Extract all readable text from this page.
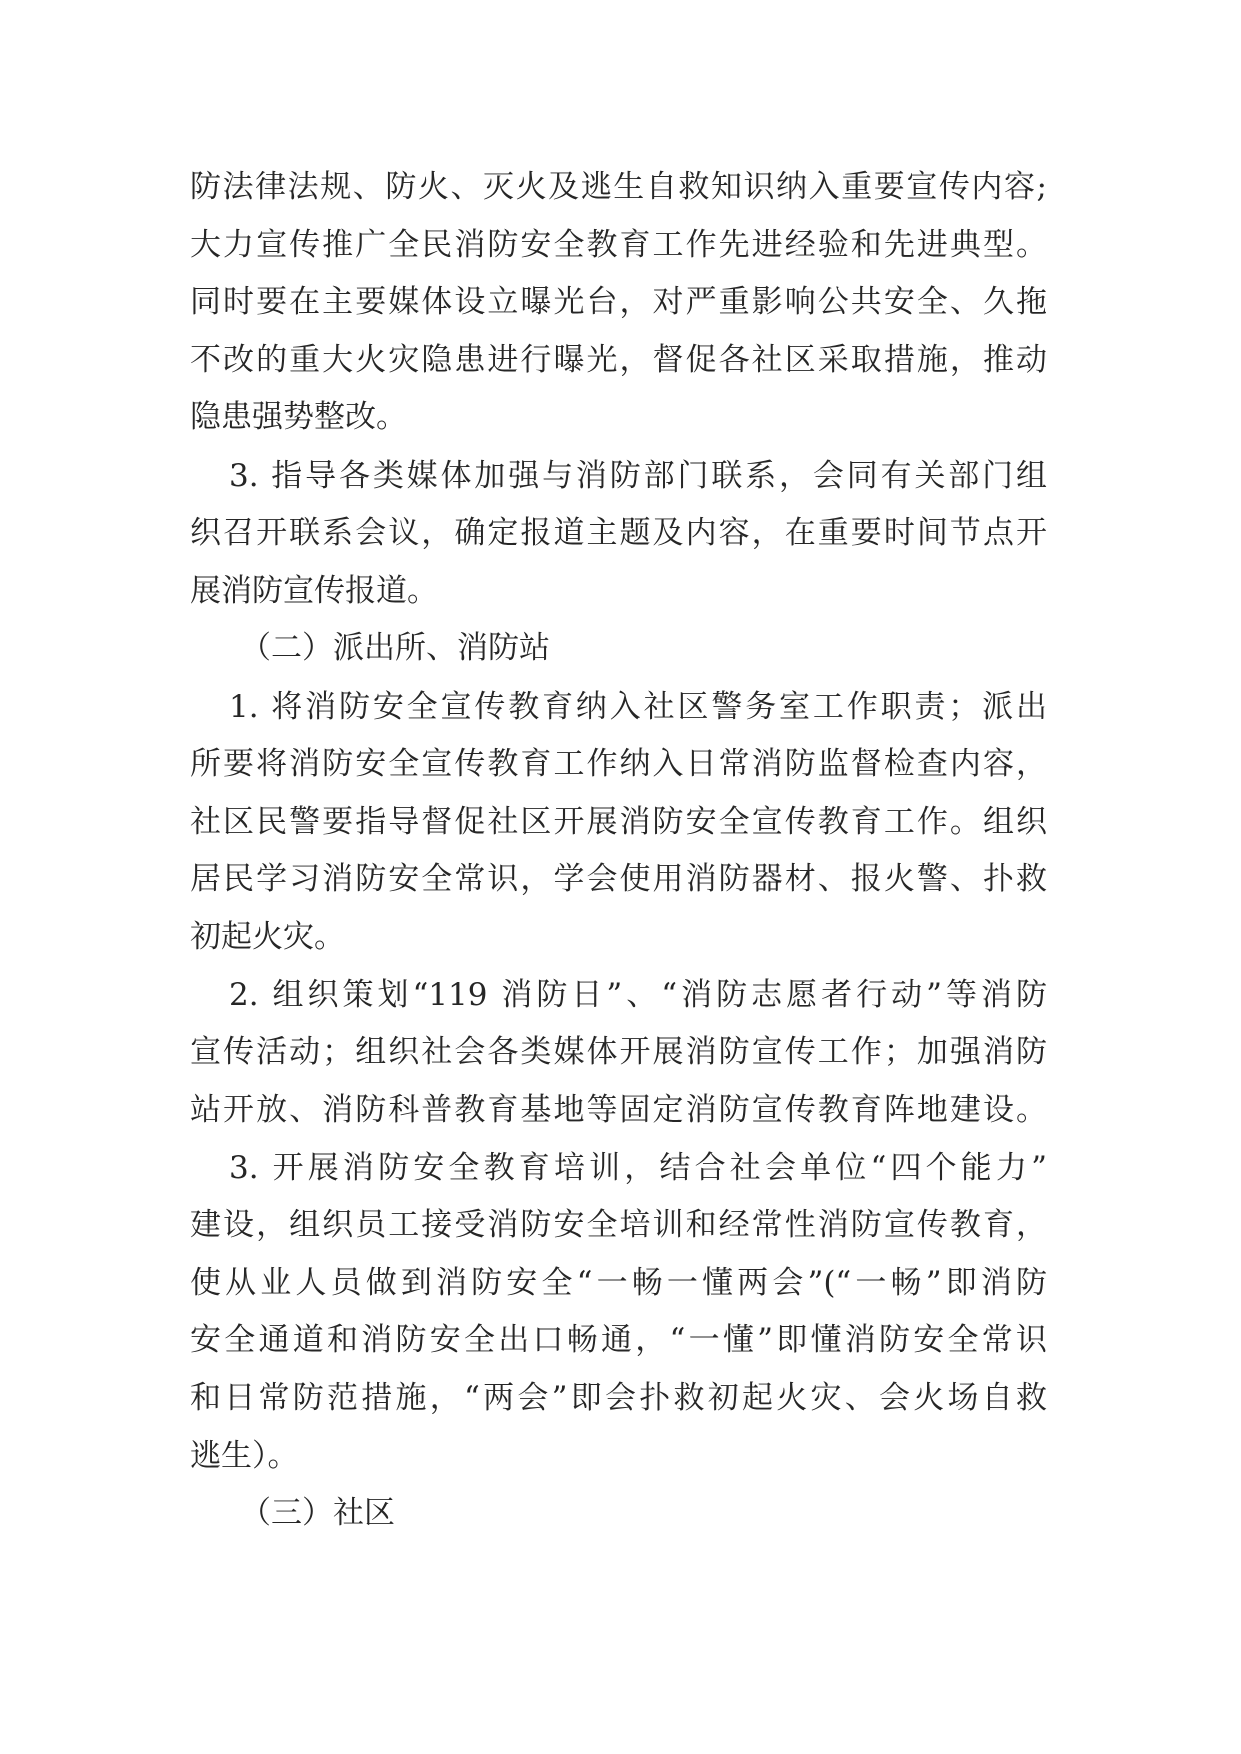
防法律法规、防火、灭火及逃生自救知识纳入重要宣传内容;
大力宣传推广全民消防安全教育工作先进经验和先进典型。
同时要在主要媒体设立曝光台，对严重影响公共安全、久拖
不改的重大火灾隐患进行曝光，督促各社区采取措施，推动
隐患强势整改。
3. 指导各类媒体加强与消防部门联系，会同有关部门组
织召开联系会议，确定报道主题及内容，在重要时间节点开
展消防宣传报道。
（二）派出所、消防站
1. 将消防安全宣传教育纳入社区警务室工作职责；派出
所要将消防安全宣传教育工作纳入日常消防监督检查内容，
社区民警要指导督促社区开展消防安全宣传教育工作。组织
居民学习消防安全常识，学会使用消防器材、报火警、扑救
初起火灾。
2. 组织策划“119 消防日”、“消防志愿者行动”等消防
宣传活动；组织社会各类媒体开展消防宣传工作；加强消防
站开放、消防科普教育基地等固定消防宣传教育阵地建设。
3. 开展消防安全教育培训，结合社会单位“四个能力”
建设，组织员工接受消防安全培训和经常性消防宣传教育，
使从业人员做到消防安全“一畅一懂两会”(“一畅”即消防
安全通道和消防安全出口畅通，“一懂”即懂消防安全常识
和日常防范措施，“两会”即会扑救初起火灾、会火场自救
逃生）。
（三）社区
